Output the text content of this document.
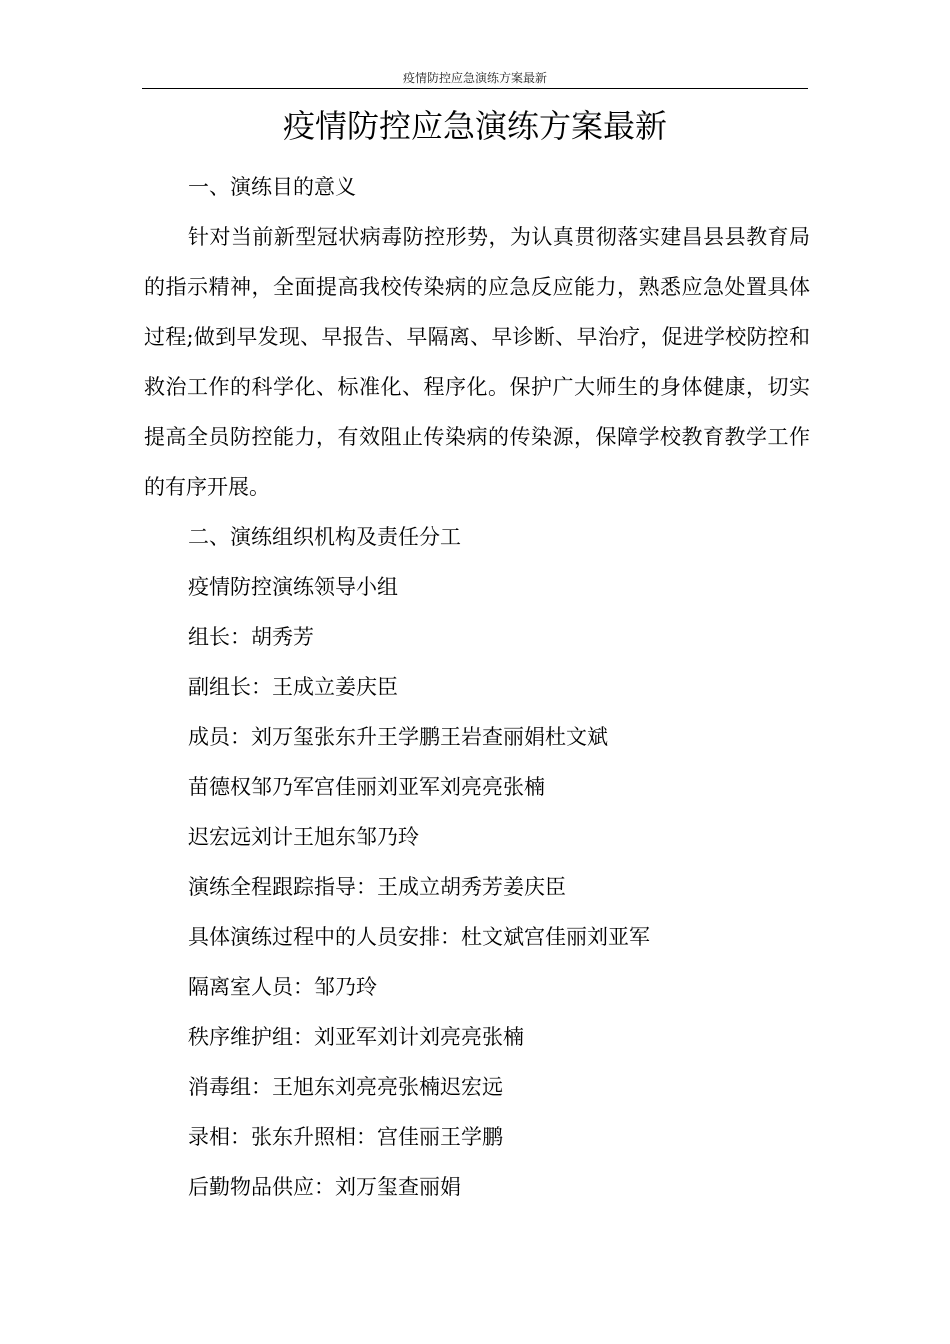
疫情防控应急演练方案最新
疫情防控应急演练方案最新

一、演练目的意义

针对当前新型冠状病毒防控形势，为认真贯彻落实建昌县县教育局的指示精神，全面提高我校传染病的应急反应能力，熟悉应急处置具体过程;做到早发现、早报告、早隔离、早诊断、早治疗，促进学校防控和救治工作的科学化、标准化、程序化。保护广大师生的身体健康，切实提高全员防控能力，有效阻止传染病的传染源，保障学校教育教学工作的有序开展。

二、演练组织机构及责任分工

疫情防控演练领导小组

组长：胡秀芳

副组长：王成立姜庆臣

成员：刘万玺张东升王学鹏王岩查丽娟杜文斌

苗德权邹乃军宫佳丽刘亚军刘亮亮张楠

迟宏远刘计王旭东邹乃玲

演练全程跟踪指导：王成立胡秀芳姜庆臣

具体演练过程中的人员安排：杜文斌宫佳丽刘亚军

隔离室人员：邹乃玲

秩序维护组：刘亚军刘计刘亮亮张楠

消毒组：王旭东刘亮亮张楠迟宏远

录相：张东升照相：宫佳丽王学鹏

后勤物品供应：刘万玺查丽娟
